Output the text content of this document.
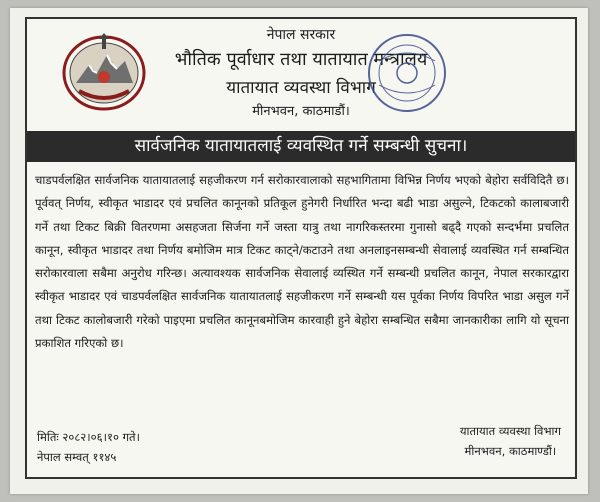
नेपाल सरकार
भौतिक पूर्वाधार तथा यातायात मन्त्रालय
यातायात व्यवस्था विभाग
मीनभवन, काठमाडौं।
सार्वजनिक यातायातलाई व्यवस्थित गर्ने सम्बन्धी सुचना।

चाडपर्वलक्षित सार्वजनिक यातायातलाई सहजीकरण गर्न सरोकारवालाको सहभागितामा विभिन्न निर्णय भएको बेहोरा सर्वविदितै छ। पूर्ववत् निर्णय, स्वीकृत भाडादर एवं प्रचलित कानूनको प्रतिकूल हुनेगरी निर्धारित भन्दा बढी भाडा असुल्ने, टिकटको कालाबजारी गर्ने तथा टिकट बिक्री वितरणमा असहजता सिर्जना गर्ने जस्ता यात्रु तथा नागरिकस्तरमा गुनासो बढ्दै गएको सन्दर्भमा प्रचलित कानून, स्वीकृत भाडादर तथा निर्णय बमोजिम मात्र टिकट काट्ने/कटाउने तथा अनलाइनसम्बन्धी सेवालाई व्यवस्थित गर्न सम्बन्धित सरोकारवाला सबैमा अनुरोध गरिन्छ। अत्यावश्यक सार्वजनिक सेवालाई व्यस्थित गर्ने सम्बन्धी प्रचलित कानून, नेपाल सरकारद्वारा स्वीकृत भाडादर एवं चाडपर्वलक्षित सार्वजनिक यातायातलाई सहजीकरण गर्ने सम्बन्धी यस पूर्वका निर्णय विपरित भाडा असुल गर्ने तथा टिकट कालोबजारी गरेको पाइएमा प्रचलित कानूनबमोजिम कारवाही हुने बेहोरा सम्बन्धित सबैमा जानकारीका लागि यो सूचना प्रकाशित गरिएको छ।

यातायात व्यवस्था विभाग
मीनभवन, काठमाण्डौं।
मितिः २०८२।०६।१० गते।
नेपाल सम्वत् ११४५
